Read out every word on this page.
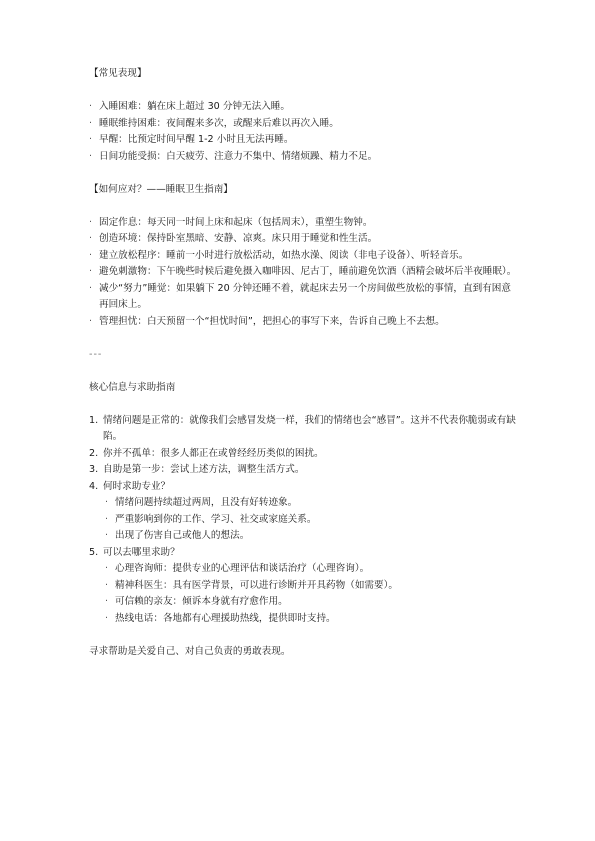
【常见表现】

· 入睡困难：躺在床上超过 30 分钟无法入睡。
· 睡眠维持困难：夜间醒来多次，或醒来后难以再次入睡。
· 早醒：比预定时间早醒 1-2 小时且无法再睡。
· 日间功能受损：白天疲劳、注意力不集中、情绪烦躁、精力不足。

【如何应对？——睡眠卫生指南】

· 固定作息：每天同一时间上床和起床（包括周末），重塑生物钟。
· 创造环境：保持卧室黑暗、安静、凉爽。床只用于睡觉和性生活。
· 建立放松程序：睡前一小时进行放松活动，如热水澡、阅读（非电子设备）、听轻音乐。
· 避免刺激物：下午晚些时候后避免摄入咖啡因、尼古丁，睡前避免饮酒（酒精会破坏后半夜睡眠）。
· 减少“努力”睡觉：如果躺下 20 分钟还睡不着，就起床去另一个房间做些放松的事情，直到有困意再回床上。
· 管理担忧：白天预留一个“担忧时间”，把担心的事写下来，告诉自己晚上不去想。

---

核心信息与求助指南

1. 情绪问题是正常的：就像我们会感冒发烧一样，我们的情绪也会“感冒”。这并不代表你脆弱或有缺陷。
2. 你并不孤单：很多人都正在或曾经经历类似的困扰。
3. 自助是第一步：尝试上述方法，调整生活方式。
4. 何时求助专业？
· 情绪问题持续超过两周，且没有好转迹象。
· 严重影响到你的工作、学习、社交或家庭关系。
· 出现了伤害自己或他人的想法。
5. 可以去哪里求助？
· 心理咨询师：提供专业的心理评估和谈话治疗（心理咨询）。
· 精神科医生：具有医学背景，可以进行诊断并开具药物（如需要）。
· 可信赖的亲友：倾诉本身就有疗愈作用。
· 热线电话：各地都有心理援助热线，提供即时支持。

寻求帮助是关爱自己、对自己负责的勇敢表现。
